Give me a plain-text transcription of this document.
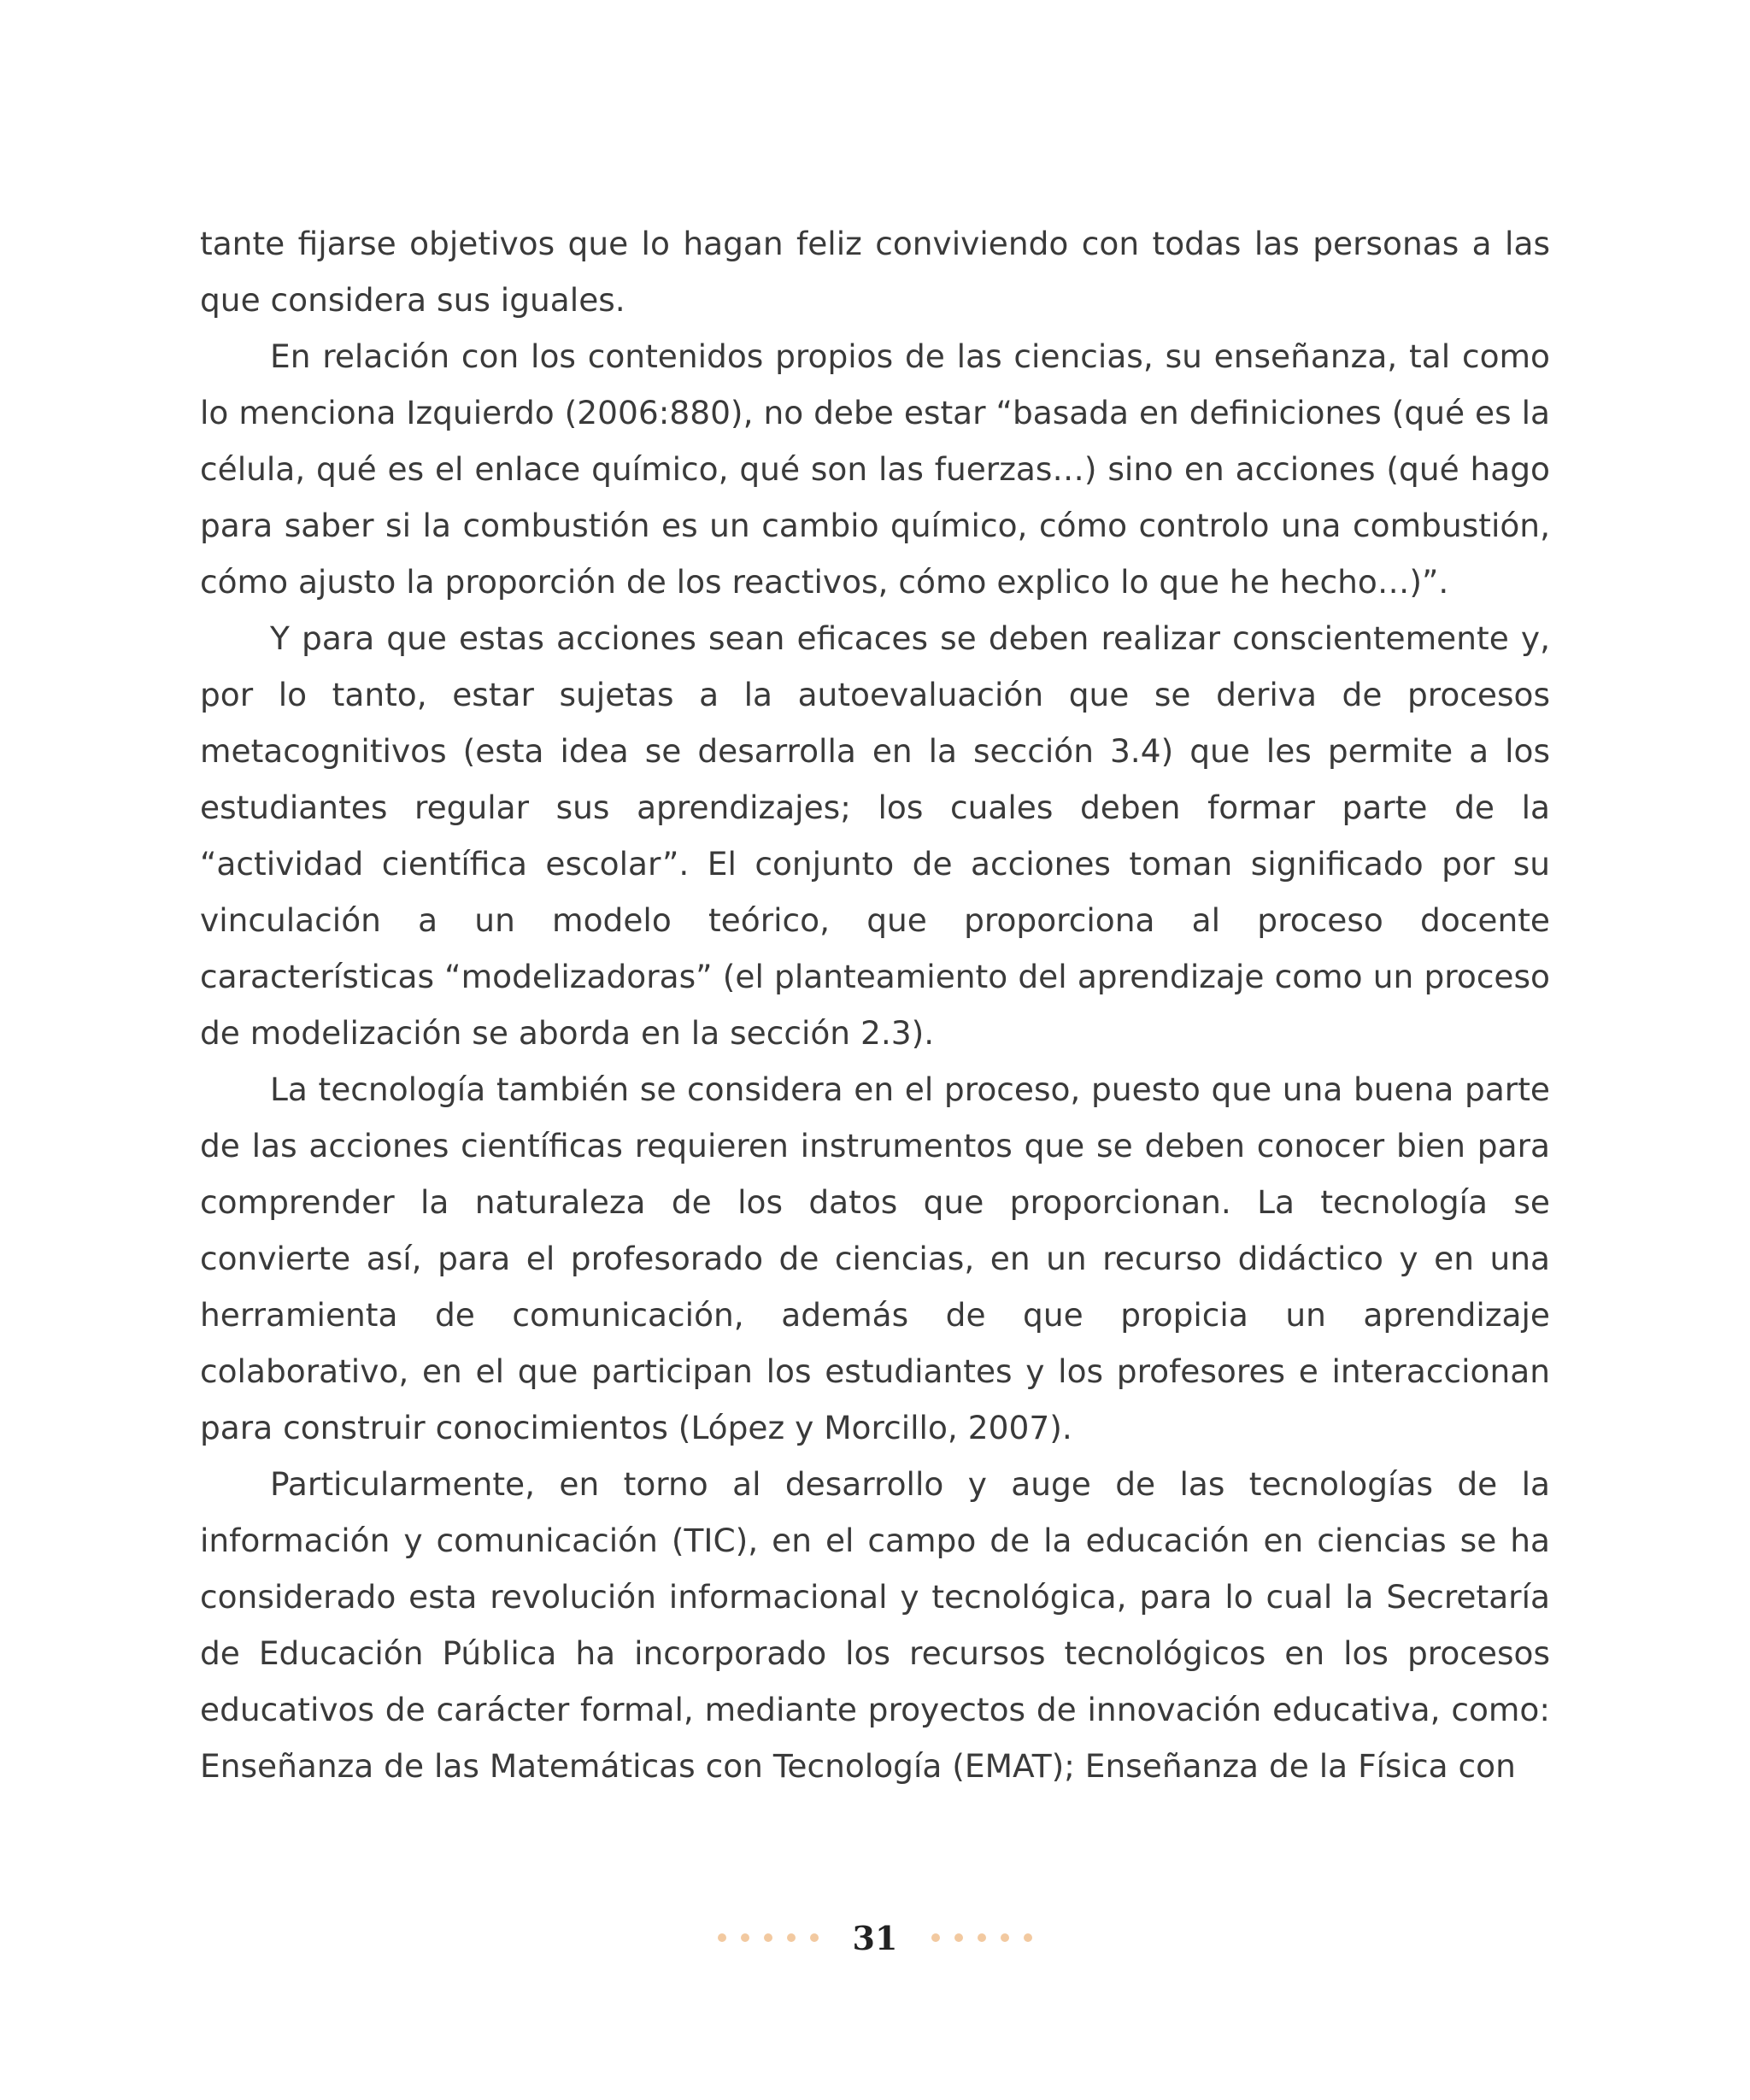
tante fijarse objetivos que lo hagan feliz conviviendo con todas las personas a las que considera sus iguales.

En relación con los contenidos propios de las ciencias, su enseñanza, tal como lo menciona Izquierdo (2006:880), no debe estar “basada en definiciones (qué es la célula, qué es el enlace químico, qué son las fuerzas…) sino en acciones (qué hago para saber si la combustión es un cambio químico, cómo controlo una combustión, cómo ajusto la proporción de los reactivos, cómo explico lo que he hecho…)”.

Y para que estas acciones sean eficaces se deben realizar conscientemente y, por lo tanto, estar sujetas a la autoevaluación que se deriva de procesos metacognitivos (esta idea se desarrolla en la sección 3.4) que les permite a los estudiantes regular sus aprendizajes; los cuales deben formar parte de la “actividad científica escolar”. El conjunto de acciones toman significado por su vinculación a un modelo teórico, que proporciona al proceso docente características “modelizadoras” (el planteamiento del aprendizaje como un proceso de modelización se aborda en la sección 2.3).

La tecnología también se considera en el proceso, puesto que una buena parte de las acciones científicas requieren instrumentos que se deben conocer bien para comprender la naturaleza de los datos que proporcionan. La tecnología se convierte así, para el profesorado de ciencias, en un recurso didáctico y en una herramienta de comunicación, además de que propicia un aprendizaje colaborativo, en el que participan los estudiantes y los profesores e interaccionan para construir conocimientos (López y Morcillo, 2007).

Particularmente, en torno al desarrollo y auge de las tecnologías de la información y comunicación (TIC), en el campo de la educación en ciencias se ha considerado esta revolución informacional y tecnológica, para lo cual la Secretaría de Educación Pública ha incorporado los recursos tecnológicos en los procesos educativos de carácter formal, mediante proyectos de innovación educativa, como: Enseñanza de las Matemáticas con Tecnología (EMAT); Enseñanza de la Física con

31
